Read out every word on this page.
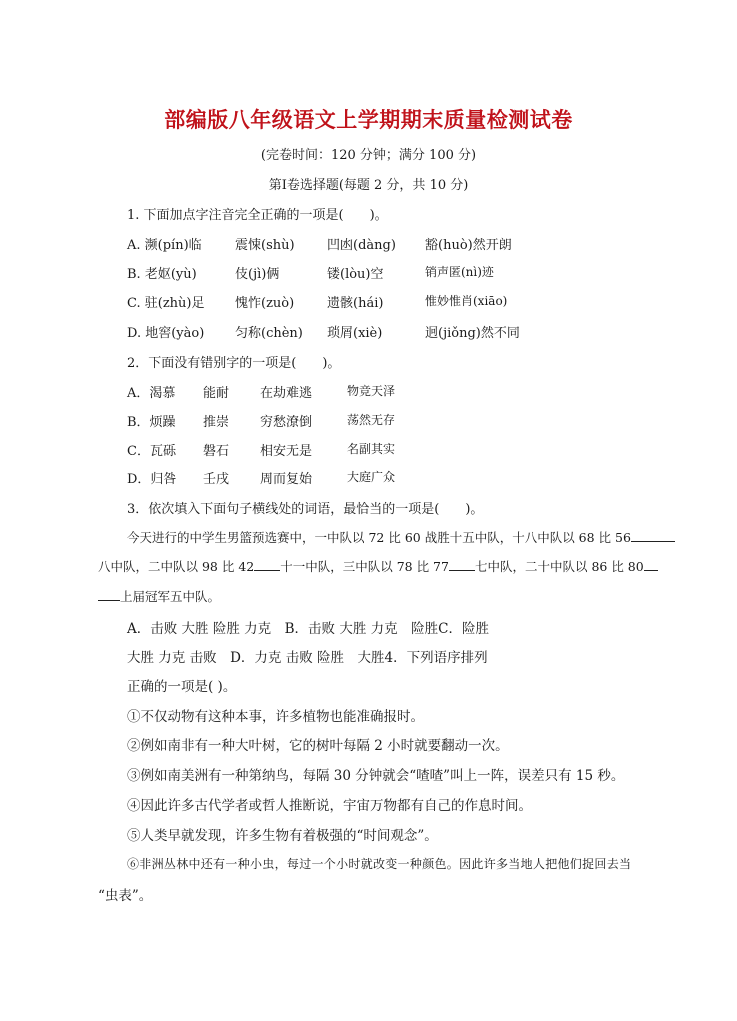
部编版八年级语文上学期期末质量检测试卷
(完卷时间：120 分钟；满分 100 分)
第Ⅰ卷选择题(每题 2 分，共 10 分)
1. 下面加点字注音完全正确的一项是(　　)。
A. 濒(pín)临	震悚(shù) 凹凼(dàng) 豁(huò)然开朗
B. 老妪(yù)	伎(jì)俩	镂(lòu)空	销声匿(nì)迹
C. 驻(zhù)足 愧怍(zuò)	遗骸(hái)	惟妙惟肖(xiāo)
D. 地窖(yào) 匀称(chèn) 琐屑(xiè)	迥(jiǒng)然不同
2．下面没有错别字的一项是(　　)。
A．渴慕 能耐 在劫难逃	物竞天泽
B．烦躁 推崇 穷愁潦倒	荡然无存
C．瓦砾 磐石 相安无是	名副其实
D．归咎 壬戌 周而复始	大庭广众
3．依次填入下面句子横线处的词语，最恰当的一项是(　　)。
今天进行的中学生男篮预选赛中，一中队以 72 比 60 战胜十五中队，十八中队以 68 比 56
八中队，二中队以 98 比 42 十一中队，三中队以 78 比 77 七中队，二十中队以 86 比 80
上届冠军五中队。
A．击败 大胜 险胜 力克　B．击败 大胜 力克　险胜C．险胜
大胜 力克 击败　D．力克 击败 险胜　大胜4．下列语序排列
正确的一项是( )。
①不仅动物有这种本事，许多植物也能准确报时。
②例如南非有一种大叶树，它的树叶每隔 2 小时就要翻动一次。
③例如南美洲有一种第纳鸟，每隔 30 分钟就会“喳喳”叫上一阵，误差只有 15 秒。
④因此许多古代学者或哲人推断说，宇宙万物都有自己的作息时间。
⑤人类早就发现，许多生物有着极强的“时间观念”。
⑥非洲丛林中还有一种小虫，每过一个小时就改变一种颜色。因此许多当地人把他们捉回去当
“虫表”。
